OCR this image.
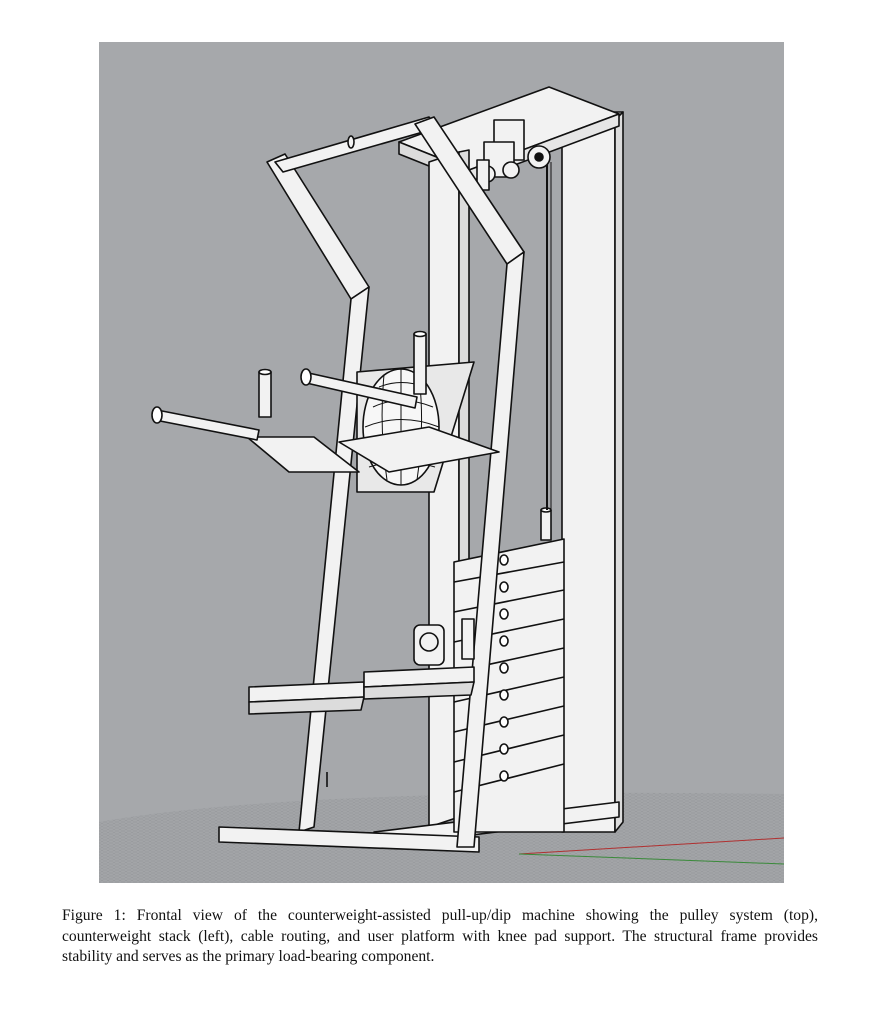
Figure 1: Frontal view of the counterweight-assisted pull-up/dip machine showing the pulley system (top), counterweight stack (left), cable routing, and user platform with knee pad support. The structural frame provides stability and serves as the primary load-bearing component.
